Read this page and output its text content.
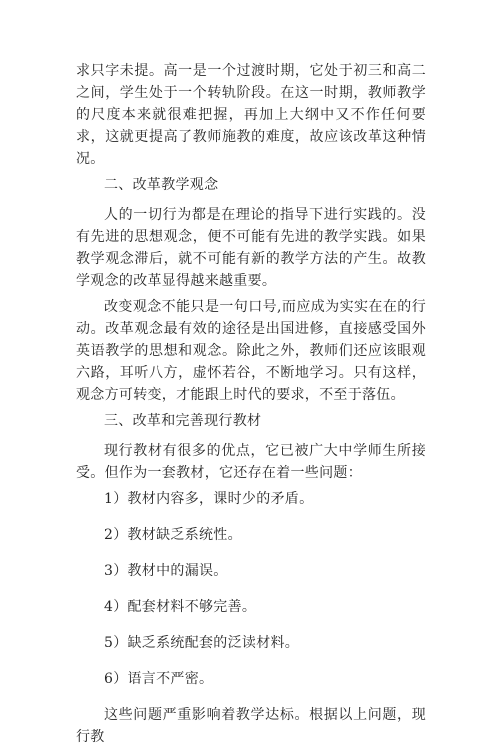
求只字未提。高一是一个过渡时期，它处于初三和高二之间，学生处于一个转轨阶段。在这一时期，教师教学的尺度本来就很难把握，再加上大纲中又不作任何要求，这就更提高了教师施教的难度，故应该改革这种情况。

二、改革教学观念

人的一切行为都是在理论的指导下进行实践的。没有先进的思想观念，便不可能有先进的教学实践。如果教学观念滞后，就不可能有新的教学方法的产生。故教学观念的改革显得越来越重要。

改变观念不能只是一句口号,而应成为实实在在的行动。改革观念最有效的途径是出国进修，直接感受国外英语教学的思想和观念。除此之外，教师们还应该眼观六路，耳听八方，虚怀若谷，不断地学习。只有这样，观念方可转变，才能跟上时代的要求，不至于落伍。

三、改革和完善现行教材

现行教材有很多的优点，它已被广大中学师生所接受。但作为一套教材，它还存在着一些问题：

1）教材内容多，课时少的矛盾。
2）教材缺乏系统性。
3）教材中的漏误。
4）配套材料不够完善。
5）缺乏系统配套的泛读材料。
6）语言不严密。

这些问题严重影响着教学达标。根据以上问题，现行教
